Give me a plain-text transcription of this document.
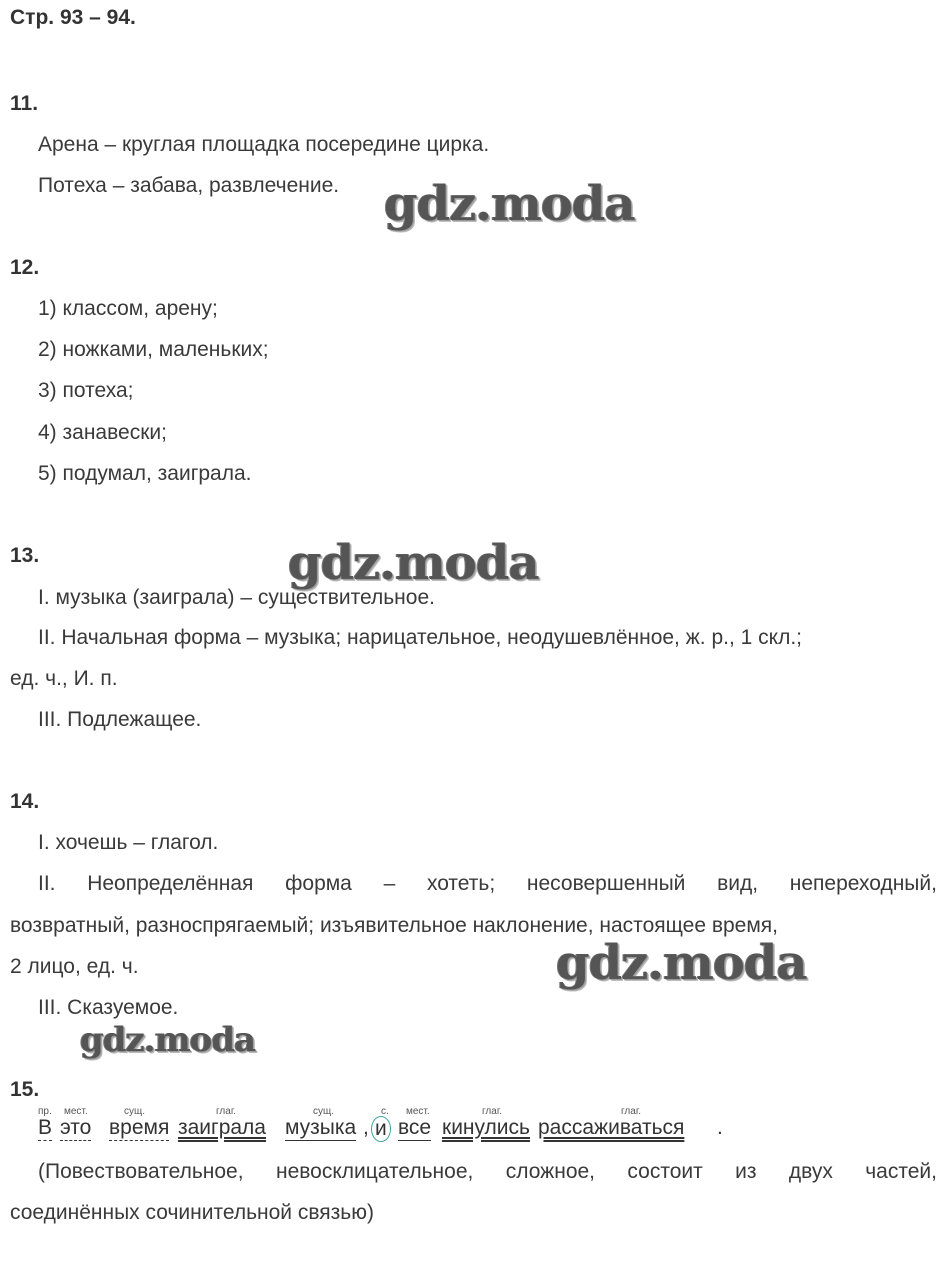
Стр. 93 – 94.
11.
Арена – круглая площадка посередине цирка.
Потеха – забава, развлечение.
12.
1) классом, арену;
2) ножками, маленьких;
3) потеха;
4) занавески;
5) подумал, заиграла.
13.
I. музыка (заиграла) – существительное.
II. Начальная форма – музыка; нарицательное, неодушевлённое, ж. р., 1 скл.;
ед. ч., И. п.
III. Подлежащее.
14.
I. хочешь – глагол.
II. Неопределённая форма – хотеть; несовершенный вид, непереходный,
возвратный, разноспрягаемый; изъявительное наклонение, настоящее время,
2 лицо, ед. ч.
III. Сказуемое.
15.
пр. мест.	сущ.	глаг.	сущ.	с. мест.	глаг.	глаг.
В это время заиграла музыка , и все кинулись рассаживаться .
(Повествовательное, невосклицательное, сложное, состоит из двух частей,
соединённых сочинительной связью)
gdz.moda
gdz.moda
gdz.moda
gdz.moda
